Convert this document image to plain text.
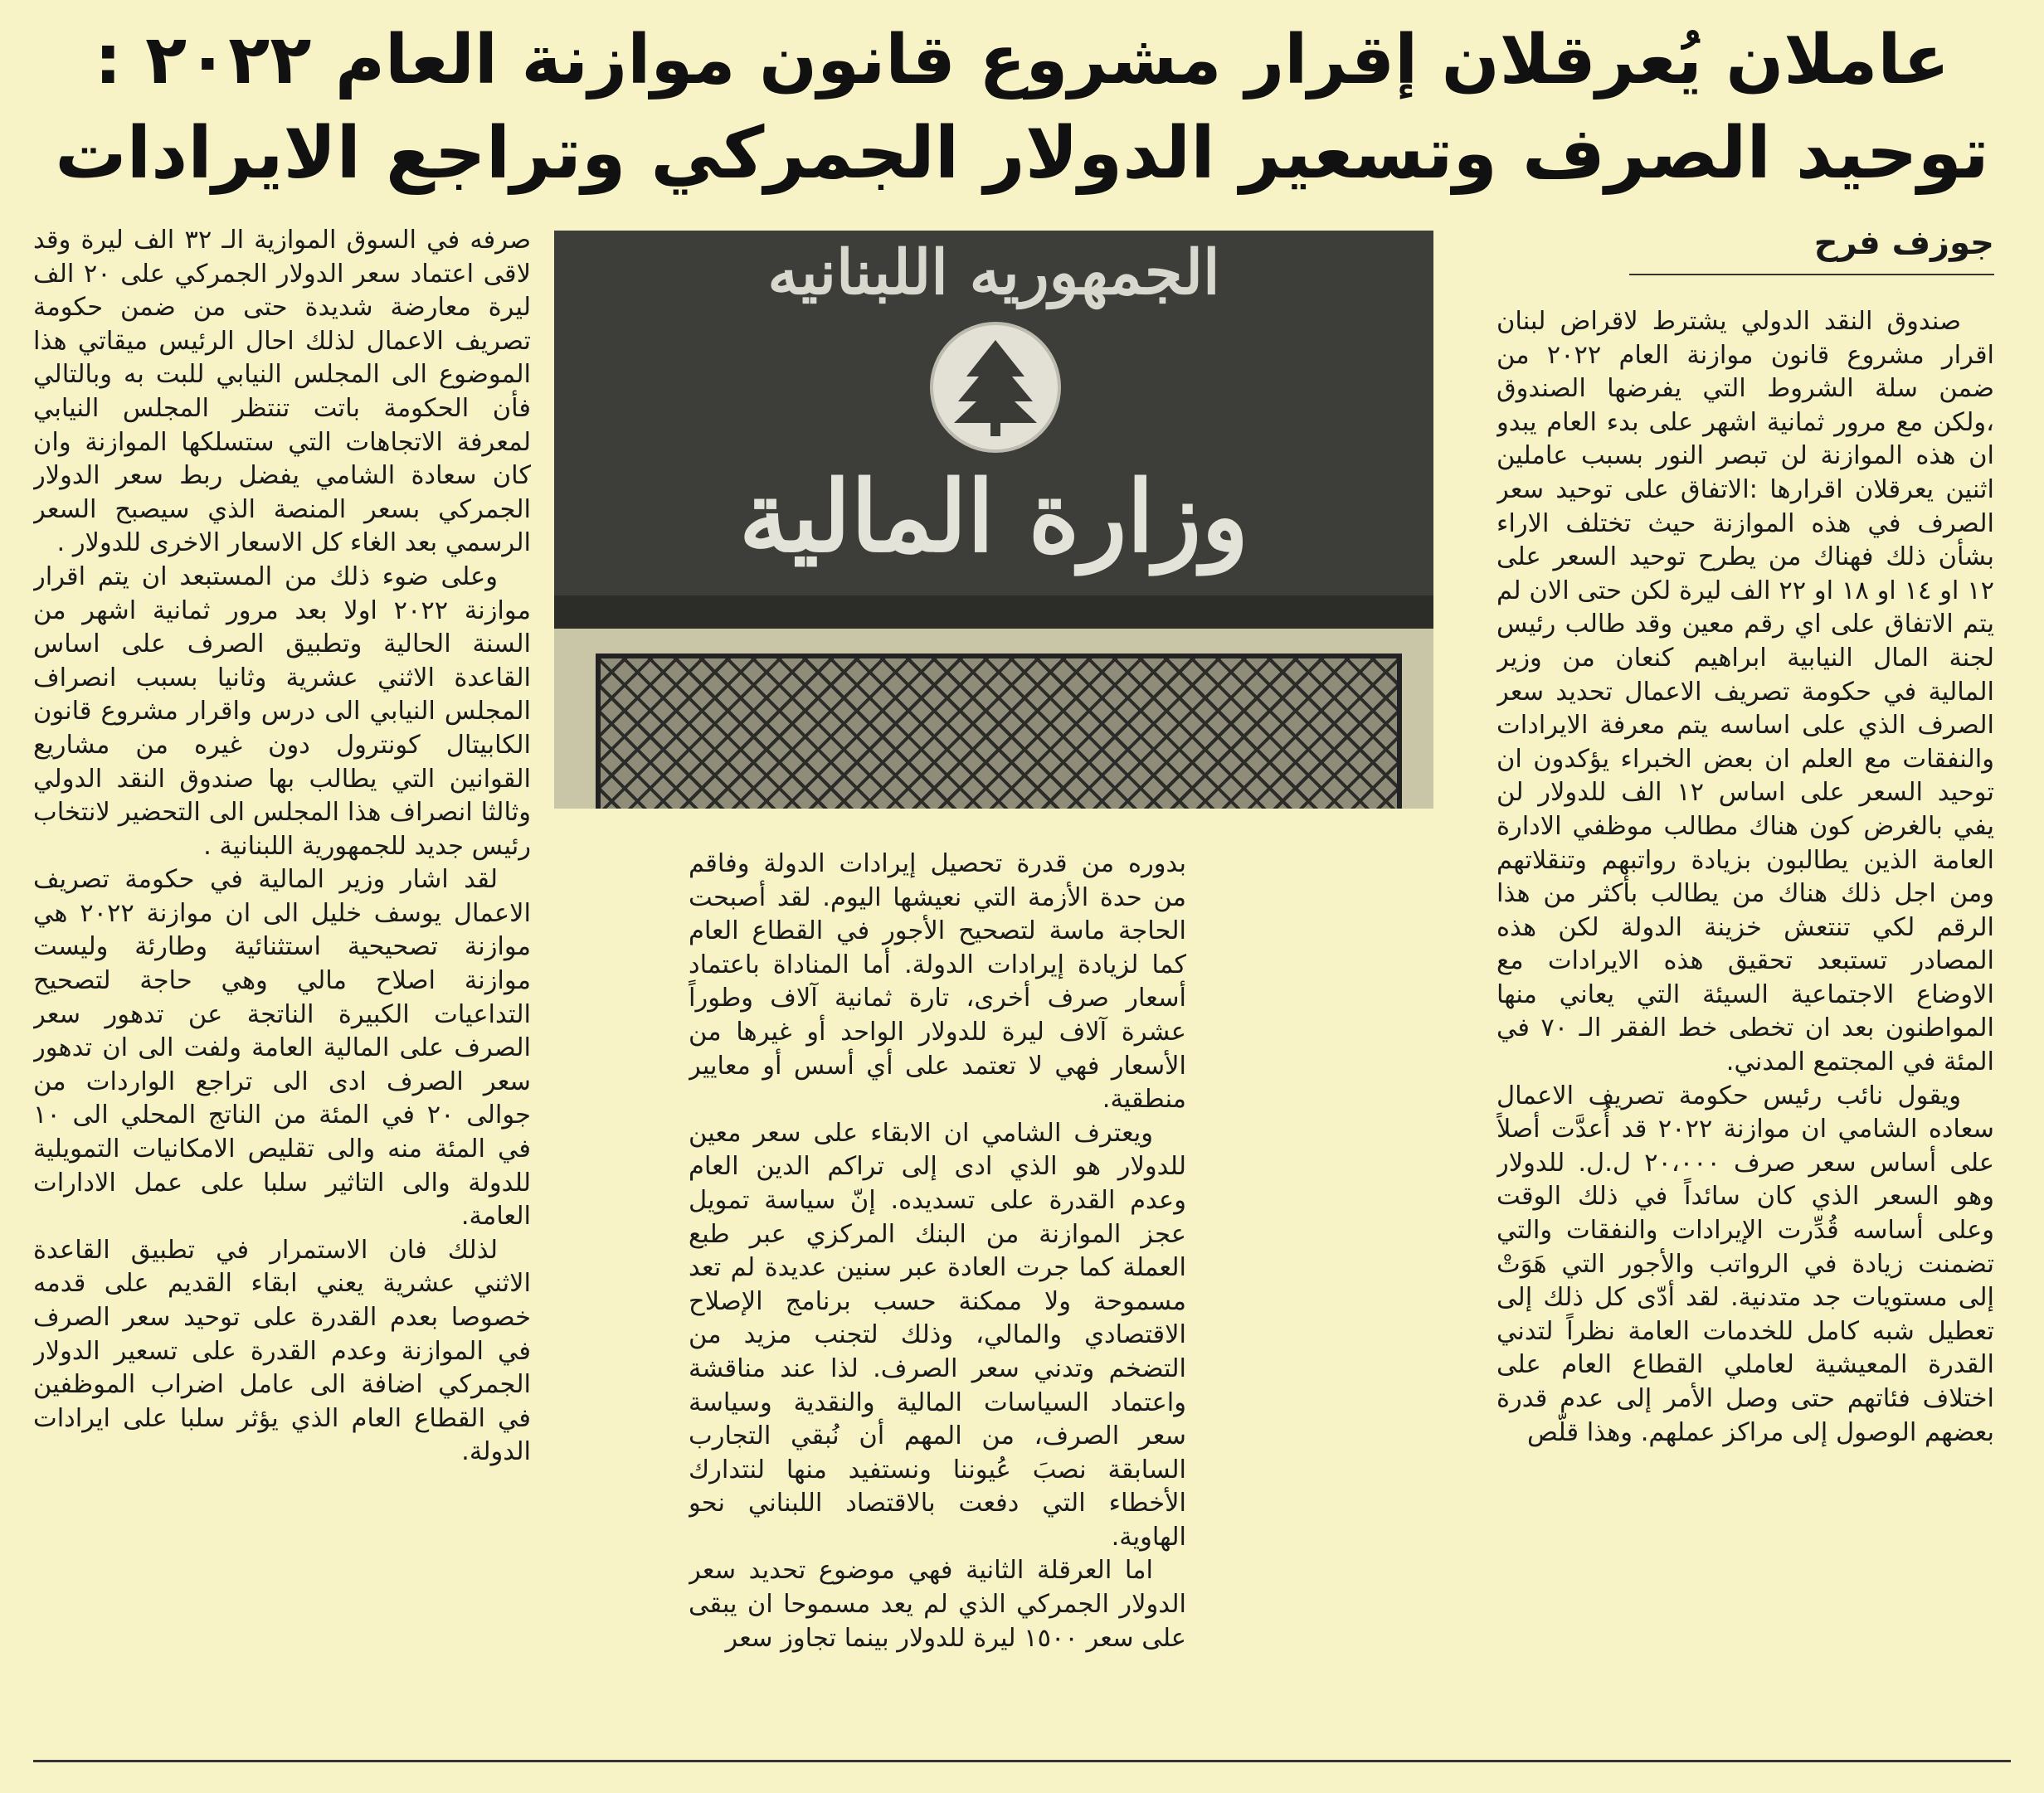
عاملان يُعرقلان إقرار مشروع قانون موازنة العام ٢٠٢٢ :
توحيد الصرف وتسعير الدولار الجمركي وتراجع الايرادات
جوزف فرح
الجمهوريه اللبنانيه
وزارة المالية

صندوق النقد الدولي يشترط لاقراض لبنان اقرار مشروع قانون موازنة العام ٢٠٢٢ من ضمن سلة الشروط التي يفرضها الصندوق ،ولكن مع مرور ثمانية اشهر على بدء العام يبدو ان هذه الموازنة لن تبصر النور بسبب عاملين اثنين يعرقلان اقرارها :الاتفاق على توحيد سعر الصرف في هذه الموازنة حيث تختلف الاراء بشأن ذلك فهناك من يطرح توحيد السعر على ١٢ او ١٤ او ١٨ او ٢٢ الف ليرة لكن حتى الان لم يتم الاتفاق على اي رقم معين وقد طالب رئيس لجنة المال النيابية ابراهيم كنعان من وزير المالية في حكومة تصريف الاعمال تحديد سعر الصرف الذي على اساسه يتم معرفة الايرادات والنفقات مع العلم ان بعض الخبراء يؤكدون ان توحيد السعر على اساس ١٢ الف للدولار لن يفي بالغرض كون هناك مطالب موظفي الادارة العامة الذين يطالبون بزيادة رواتبهم وتنقلاتهم ومن اجل ذلك هناك من يطالب بأكثر من هذا الرقم لكي تنتعش خزينة الدولة لكن هذه المصادر تستبعد تحقيق هذه الايرادات مع الاوضاع الاجتماعية السيئة التي يعاني منها المواطنون بعد ان تخطى خط الفقر الـ ٧٠ في المئة في المجتمع المدني.

ويقول نائب رئيس حكومة تصريف الاعمال سعاده الشامي ان موازنة ٢٠٢٢ قد أُعدَّت أصلاً على أساس سعر صرف ٢٠،٠٠٠ ل.ل. للدولار وهو السعر الذي كان سائداً في ذلك الوقت وعلى أساسه قُدِّرت الإيرادات والنفقات والتي تضمنت زيادة في الرواتب والأجور التي هَوَتْ إلى مستويات جد متدنية. لقد أدّى كل ذلك إلى تعطيل شبه كامل للخدمات العامة نظراً لتدني القدرة المعيشية لعاملي القطاع العام على اختلاف فئاتهم حتى وصل الأمر إلى عدم قدرة بعضهم الوصول إلى مراكز عملهم. وهذا قلّص

بدوره من قدرة تحصيل إيرادات الدولة وفاقم من حدة الأزمة التي نعيشها اليوم. لقد أصبحت الحاجة ماسة لتصحيح الأجور في القطاع العام كما لزيادة إيرادات الدولة. أما المناداة باعتماد أسعار صرف أخرى، تارة ثمانية آلاف وطوراً عشرة آلاف ليرة للدولار الواحد أو غيرها من الأسعار فهي لا تعتمد على أي أسس أو معايير منطقية.

ويعترف الشامي ان الابقاء على سعر معين للدولار هو الذي ادى إلى تراكم الدين العام وعدم القدرة على تسديده. إنّ سياسة تمويل عجز الموازنة من البنك المركزي عبر طبع العملة كما جرت العادة عبر سنين عديدة لم تعد مسموحة ولا ممكنة حسب برنامج الإصلاح الاقتصادي والمالي، وذلك لتجنب مزيد من التضخم وتدني سعر الصرف. لذا عند مناقشة واعتماد السياسات المالية والنقدية وسياسة سعر الصرف، من المهم أن نُبقي التجارب السابقة نصبَ عُيوننا ونستفيد منها لنتدارك الأخطاء التي دفعت بالاقتصاد اللبناني نحو الهاوية.

اما العرقلة الثانية فهي موضوع تحديد سعر الدولار الجمركي الذي لم يعد مسموحا ان يبقى على سعر ١٥٠٠ ليرة للدولار بينما تجاوز سعر

صرفه في السوق الموازية الـ ٣٢ الف ليرة وقد لاقى اعتماد سعر الدولار الجمركي على ٢٠ الف ليرة معارضة شديدة حتى من ضمن حكومة تصريف الاعمال لذلك احال الرئيس ميقاتي هذا الموضوع الى المجلس النيابي للبت به وبالتالي فأن الحكومة باتت تنتظر المجلس النيابي لمعرفة الاتجاهات التي ستسلكها الموازنة وان كان سعادة الشامي يفضل ربط سعر الدولار الجمركي بسعر المنصة الذي سيصبح السعر الرسمي بعد الغاء كل الاسعار الاخرى للدولار .

وعلى ضوء ذلك من المستبعد ان يتم اقرار موازنة ٢٠٢٢ اولا بعد مرور ثمانية اشهر من السنة الحالية وتطبيق الصرف على اساس القاعدة الاثني عشرية وثانيا بسبب انصراف المجلس النيابي الى درس واقرار مشروع قانون الكابيتال كونترول دون غيره من مشاريع القوانين التي يطالب بها صندوق النقد الدولي وثالثا انصراف هذا المجلس الى التحضير لانتخاب رئيس جديد للجمهورية اللبنانية .

لقد اشار وزير المالية في حكومة تصريف الاعمال يوسف خليل الى ان موازنة ٢٠٢٢ هي موازنة تصحيحية استثنائية وطارئة وليست موازنة اصلاح مالي وهي حاجة لتصحيح التداعيات الكبيرة الناتجة عن تدهور سعر الصرف على المالية العامة ولفت الى ان تدهور سعر الصرف ادى الى تراجع الواردات من جوالى ٢٠ في المئة من الناتج المحلي الى ١٠ في المئة منه والى تقليص الامكانيات التمويلية للدولة والى التاثير سلبا على عمل الادارات العامة.

لذلك فان الاستمرار في تطبيق القاعدة الاثني عشرية يعني ابقاء القديم على قدمه خصوصا بعدم القدرة على توحيد سعر الصرف في الموازنة وعدم القدرة على تسعير الدولار الجمركي اضافة الى عامل اضراب الموظفين في القطاع العام الذي يؤثر سلبا على ايرادات الدولة.
